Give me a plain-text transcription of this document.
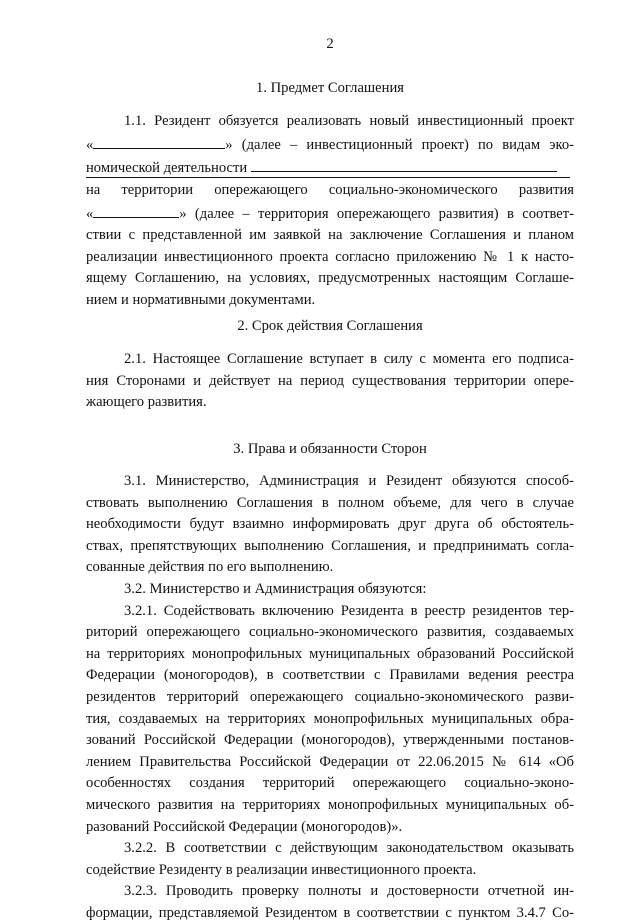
2

1. Предмет Соглашения

1.1. Резидент обязуется реализовать новый инвестиционный проект
«	» (далее – инвестиционный проект) по видам эко-
номической деятельности
на территории опережающего социально-экономического развития
«	» (далее – территория опережающего развития) в соответ-
ствии с представленной им заявкой на заключение Соглашения и планом
реализации инвестиционного проекта согласно приложению № 1 к насто-
ящему Соглашению, на условиях, предусмотренных настоящим Соглаше-
нием и нормативными документами.

2. Срок действия Соглашения

2.1. Настоящее Соглашение вступает в силу с момента его подписа-
ния Сторонами и действует на период существования территории опере-
жающего развития.

3. Права и обязанности Сторон

3.1. Министерство, Администрация и Резидент обязуются способ-
ствовать выполнению Соглашения в полном объеме, для чего в случае
необходимости будут взаимно информировать друг друга об обстоятель-
ствах, препятствующих выполнению Соглашения, и предпринимать согла-
сованные действия по его выполнению.
3.2. Министерство и Администрация обязуются:
3.2.1. Содействовать включению Резидента в реестр резидентов тер-
риторий опережающего социально-экономического развития, создаваемых
на территориях монопрофильных муниципальных образований Российской
Федерации (моногородов), в соответствии с Правилами ведения реестра
резидентов территорий опережающего социально-экономического разви-
тия, создаваемых на территориях монопрофильных муниципальных обра-
зований Российской Федерации (моногородов), утвержденными постанов-
лением Правительства Российской Федерации от 22.06.2015 № 614 «Об
особенностях создания территорий опережающего социально-эконо-
мического развития на территориях монопрофильных муниципальных об-
разований Российской Федерации (моногородов)».
3.2.2. В соответствии с действующим законодательством оказывать
содействие Резиденту в реализации инвестиционного проекта.
3.2.3. Проводить проверку полноты и достоверности отчетной ин-
формации, представляемой Резидентом в соответствии с пунктом 3.4.7 Со-
